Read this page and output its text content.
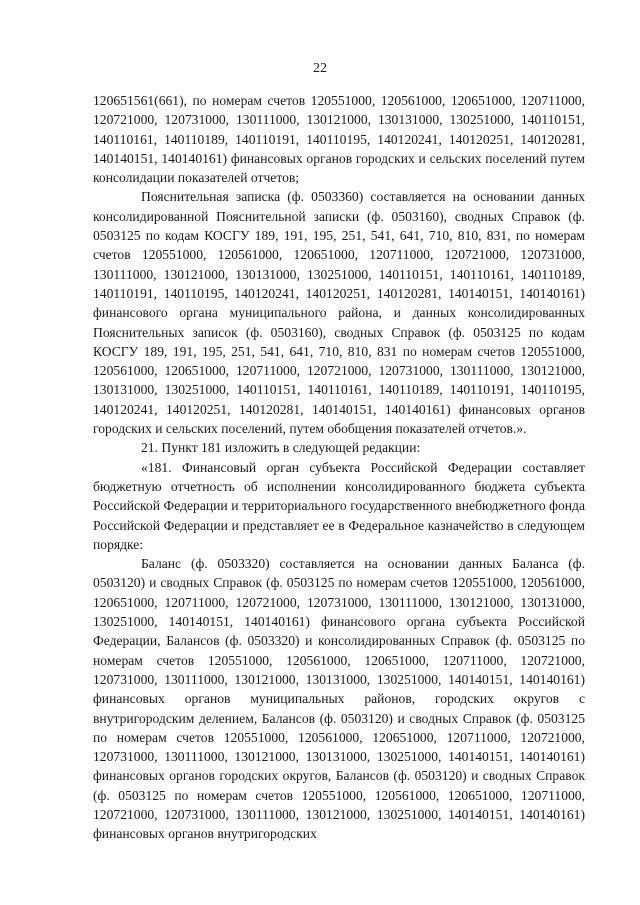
22

120651561(661), по номерам счетов 120551000, 120561000, 120651000, 120711000, 120721000, 120731000, 130111000, 130121000, 130131000, 130251000, 140110151, 140110161, 140110189, 140110191, 140110195, 140120241, 140120251, 140120281, 140140151, 140140161) финансовых органов городских и сельских поселений путем консолидации показателей отчетов;

Пояснительная записка (ф. 0503360) составляется на основании данных консолидированной Пояснительной записки (ф. 0503160), сводных Справок (ф. 0503125 по кодам КОСГУ 189, 191, 195, 251, 541, 641, 710, 810, 831, по номерам счетов 120551000, 120561000, 120651000, 120711000, 120721000, 120731000, 130111000, 130121000, 130131000, 130251000, 140110151, 140110161, 140110189, 140110191, 140110195, 140120241, 140120251, 140120281, 140140151, 140140161) финансового органа муниципального района, и данных консолидированных Пояснительных записок (ф. 0503160), сводных Справок (ф. 0503125 по кодам КОСГУ 189, 191, 195, 251, 541, 641, 710, 810, 831 по номерам счетов 120551000, 120561000, 120651000, 120711000, 120721000, 120731000, 130111000, 130121000, 130131000, 130251000, 140110151, 140110161, 140110189, 140110191, 140110195, 140120241, 140120251, 140120281, 140140151, 140140161) финансовых органов городских и сельских поселений, путем обобщения показателей отчетов.».

21. Пункт 181 изложить в следующей редакции:

«181. Финансовый орган субъекта Российской Федерации составляет бюджетную отчетность об исполнении консолидированного бюджета субъекта Российской Федерации и территориального государственного внебюджетного фонда Российской Федерации и представляет ее в Федеральное казначейство в следующем порядке:

Баланс (ф. 0503320) составляется на основании данных Баланса (ф. 0503120) и сводных Справок (ф. 0503125 по номерам счетов 120551000, 120561000, 120651000, 120711000, 120721000, 120731000, 130111000, 130121000, 130131000, 130251000, 140140151, 140140161) финансового органа субъекта Российской Федерации, Балансов (ф. 0503320) и консолидированных Справок (ф. 0503125 по номерам счетов 120551000, 120561000, 120651000, 120711000, 120721000, 120731000, 130111000, 130121000, 130131000, 130251000, 140140151, 140140161) финансовых органов муниципальных районов, городских округов с внутригородским делением, Балансов (ф. 0503120) и сводных Справок (ф. 0503125 по номерам счетов 120551000, 120561000, 120651000, 120711000, 120721000, 120731000, 130111000, 130121000, 130131000, 130251000, 140140151, 140140161) финансовых органов городских округов, Балансов (ф. 0503120) и сводных Справок (ф. 0503125 по номерам счетов 120551000, 120561000, 120651000, 120711000, 120721000, 120731000, 130111000, 130121000, 130251000, 140140151, 140140161) финансовых органов внутригородских
